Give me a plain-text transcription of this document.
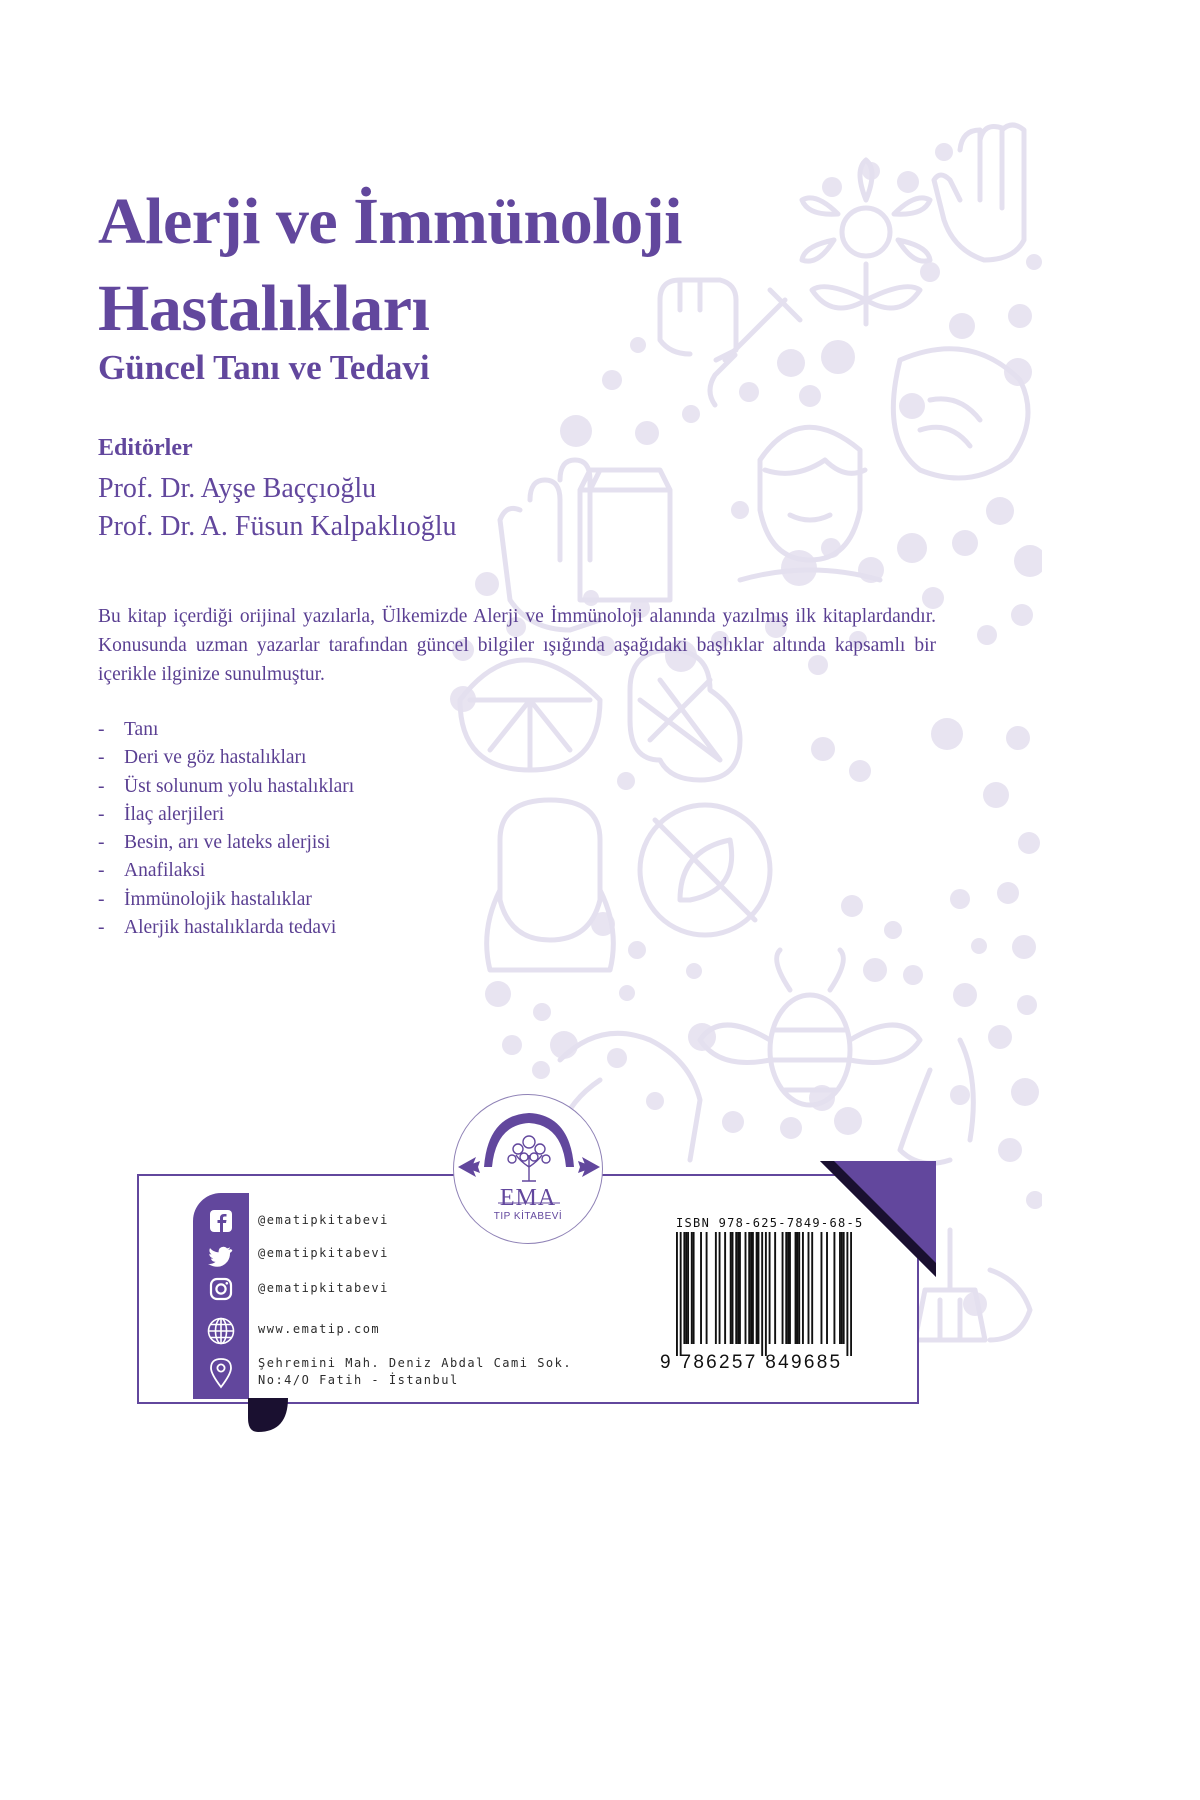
Alerji ve İmmünoloji
Hastalıkları
Güncel Tanı ve Tedavi
Editörler

Prof. Dr. Ayşe Baççıoğlu

Prof. Dr. A. Füsun Kalpaklıoğlu

Bu kitap içerdiği orijinal yazılarla, Ülkemizde Alerji ve İmmünoloji alanında yazılmış ilk kitaplardandır. Konusunda uzman yazarlar tarafından güncel bilgiler ışığında aşağıdaki başlıklar altında kapsamlı bir içerikle ilginize sunulmuştur.

-	Tanı
-	Deri ve göz hastalıkları
-	Üst solunum yolu hastalıkları
-	İlaç alerjileri
-	Besin, arı ve lateks alerjisi
-	Anafilaksi
-	İmmünolojik hastalıklar
-	Alerjik hastalıklarda tedavi

@ematipkitabevi

@ematipkitabevi

@ematipkitabevi

www.ematip.com

Şehremini Mah. Deniz Abdal Cami Sok.

No:4/O Fatih - İstanbul

EMA
TIP KİTABEVİ	ISBN 978-625-7849-68-5

9 786257 849685
